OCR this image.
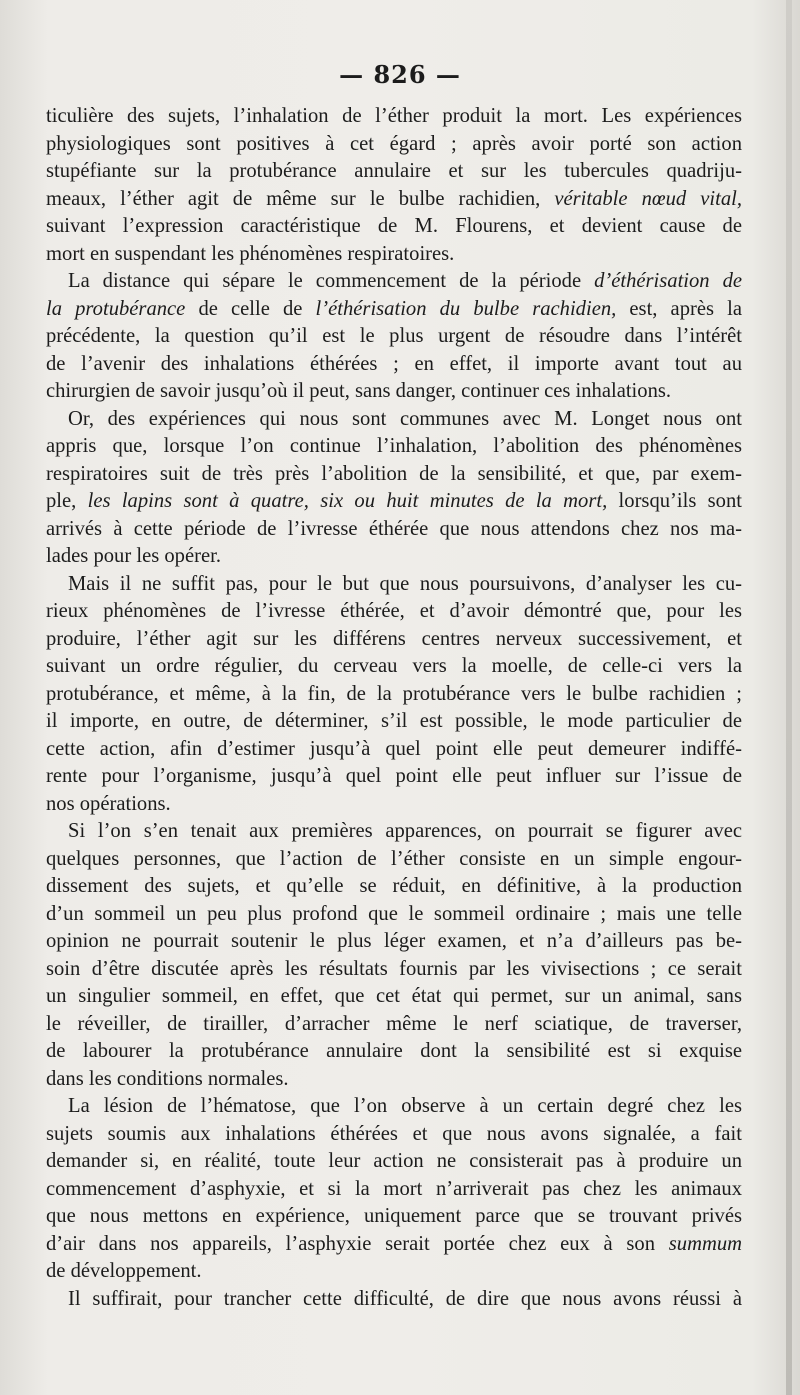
— 826 —
ticulière des sujets, l’inhalation de l’éther produit la mort. Les expériences
physiologiques sont positives à cet égard ; après avoir porté son action
stupéfiante sur la protubérance annulaire et sur les tubercules quadriju-
meaux, l’éther agit de même sur le bulbe rachidien, véritable nœud vital,
suivant l’expression caractéristique de M. Flourens, et devient cause de
mort en suspendant les phénomènes respiratoires.
La distance qui sépare le commencement de la période d’éthérisation de
la protubérance de celle de l’éthérisation du bulbe rachidien, est, après la
précédente, la question qu’il est le plus urgent de résoudre dans l’intérêt
de l’avenir des inhalations éthérées ; en effet, il importe avant tout au
chirurgien de savoir jusqu’où il peut, sans danger, continuer ces inhalations.
Or, des expériences qui nous sont communes avec M. Longet nous ont
appris que, lorsque l’on continue l’inhalation, l’abolition des phénomènes
respiratoires suit de très près l’abolition de la sensibilité, et que, par exem-
ple, les lapins sont à quatre, six ou huit minutes de la mort, lorsqu’ils sont
arrivés à cette période de l’ivresse éthérée que nous attendons chez nos ma-
lades pour les opérer.
Mais il ne suffit pas, pour le but que nous poursuivons, d’analyser les cu-
rieux phénomènes de l’ivresse éthérée, et d’avoir démontré que, pour les
produire, l’éther agit sur les différens centres nerveux successivement, et
suivant un ordre régulier, du cerveau vers la moelle, de celle-ci vers la
protubérance, et même, à la fin, de la protubérance vers le bulbe rachidien ;
il importe, en outre, de déterminer, s’il est possible, le mode particulier de
cette action, afin d’estimer jusqu’à quel point elle peut demeurer indiffé-
rente pour l’organisme, jusqu’à quel point elle peut influer sur l’issue de
nos opérations.
Si l’on s’en tenait aux premières apparences, on pourrait se figurer avec
quelques personnes, que l’action de l’éther consiste en un simple engour-
dissement des sujets, et qu’elle se réduit, en définitive, à la production
d’un sommeil un peu plus profond que le sommeil ordinaire ; mais une telle
opinion ne pourrait soutenir le plus léger examen, et n’a d’ailleurs pas be-
soin d’être discutée après les résultats fournis par les vivisections ; ce serait
un singulier sommeil, en effet, que cet état qui permet, sur un animal, sans
le réveiller, de tirailler, d’arracher même le nerf sciatique, de traverser,
de labourer la protubérance annulaire dont la sensibilité est si exquise
dans les conditions normales.
La lésion de l’hématose, que l’on observe à un certain degré chez les
sujets soumis aux inhalations éthérées et que nous avons signalée, a fait
demander si, en réalité, toute leur action ne consisterait pas à produire un
commencement d’asphyxie, et si la mort n’arriverait pas chez les animaux
que nous mettons en expérience, uniquement parce que se trouvant privés
d’air dans nos appareils, l’asphyxie serait portée chez eux à son summum
de développement.
Il suffirait, pour trancher cette difficulté, de dire que nous avons réussi à
